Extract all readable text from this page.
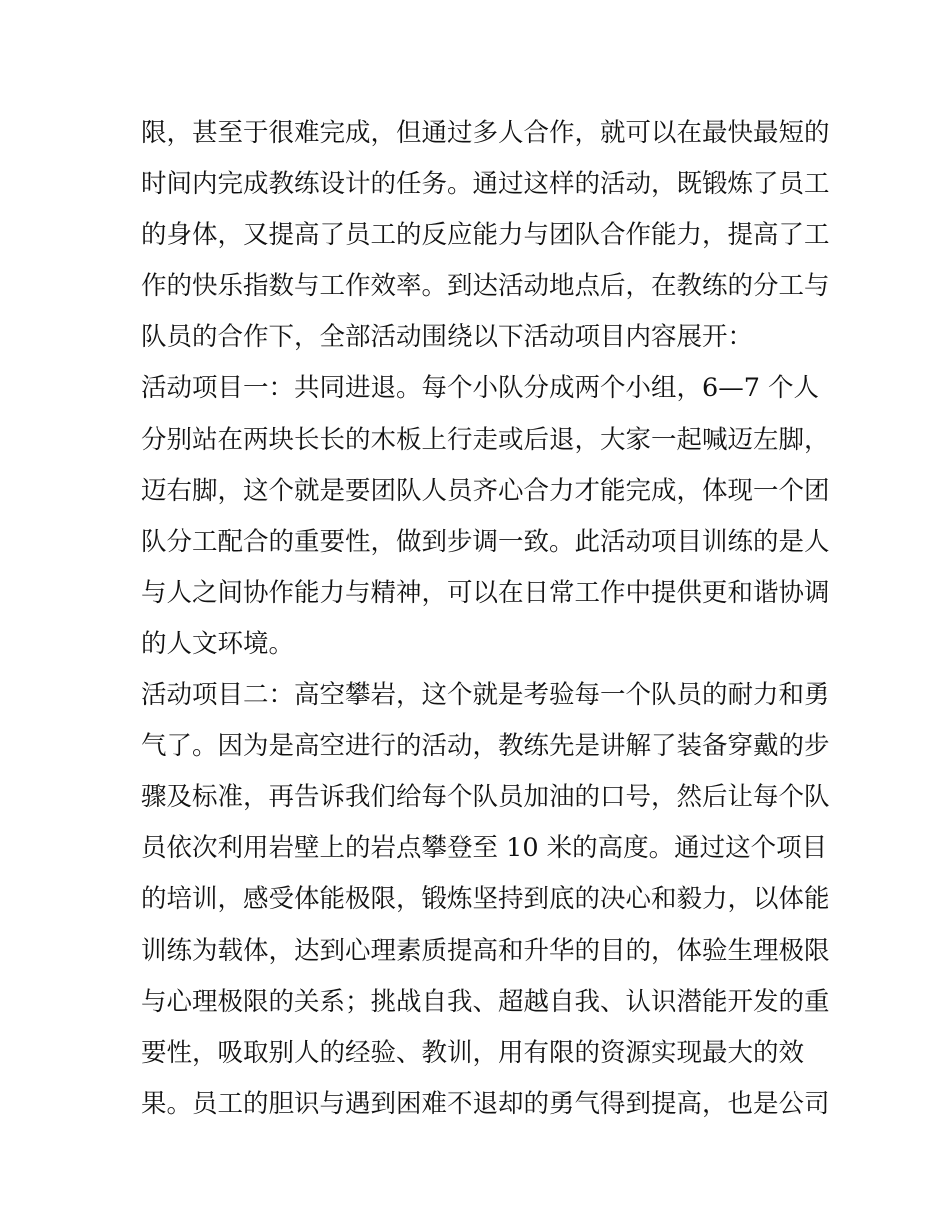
限，甚至于很难完成，但通过多人合作，就可以在最快最短的
时间内完成教练设计的任务。通过这样的活动，既锻炼了员工
的身体，又提高了员工的反应能力与团队合作能力，提高了工
作的快乐指数与工作效率。到达活动地点后，在教练的分工与
队员的合作下，全部活动围绕以下活动项目内容展开：
活动项目一：共同进退。每个小队分成两个小组，6—7 个人
分别站在两块长长的木板上行走或后退，大家一起喊迈左脚，
迈右脚，这个就是要团队人员齐心合力才能完成，体现一个团
队分工配合的重要性，做到步调一致。此活动项目训练的是人
与人之间协作能力与精神，可以在日常工作中提供更和谐协调
的人文环境。
活动项目二：高空攀岩，这个就是考验每一个队员的耐力和勇
气了。因为是高空进行的活动，教练先是讲解了装备穿戴的步
骤及标准，再告诉我们给每个队员加油的口号，然后让每个队
员依次利用岩壁上的岩点攀登至 10 米的高度。通过这个项目
的培训，感受体能极限，锻炼坚持到底的决心和毅力，以体能
训练为载体，达到心理素质提高和升华的目的，体验生理极限
与心理极限的关系；挑战自我、超越自我、认识潜能开发的重
要性，吸取别人的经验、教训，用有限的资源实现最大的效
果。员工的胆识与遇到困难不退却的勇气得到提高，也是公司
